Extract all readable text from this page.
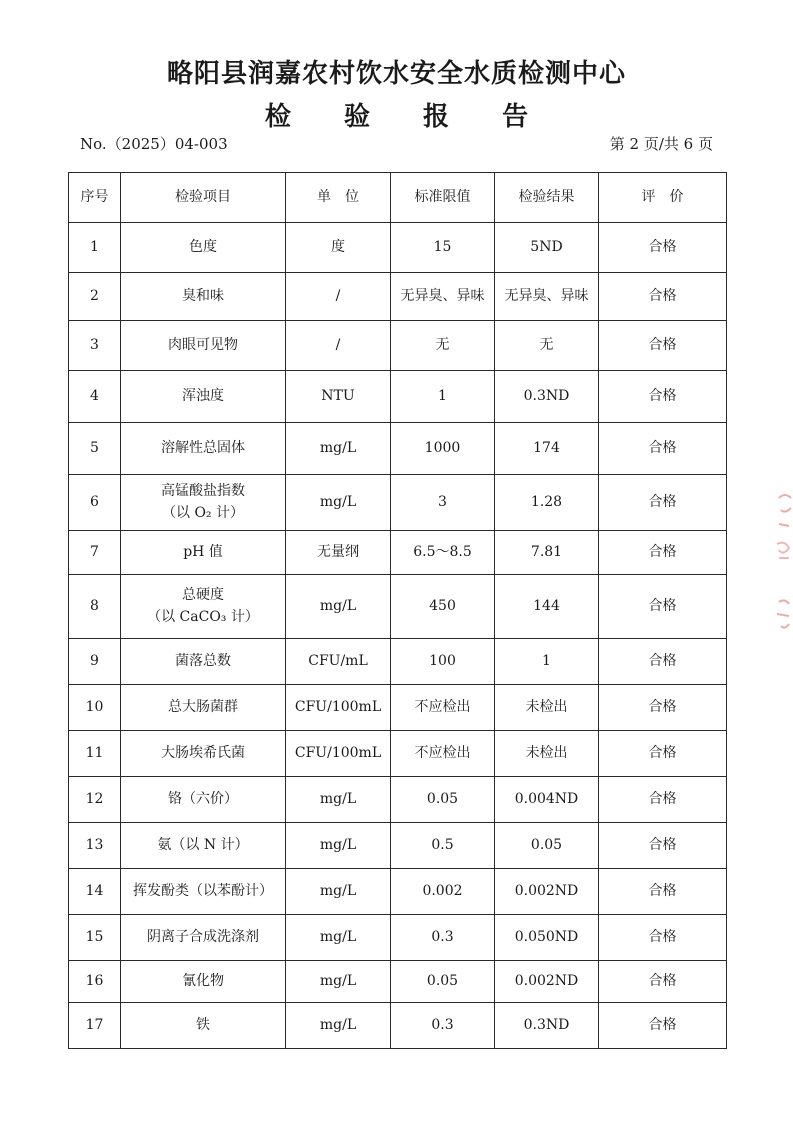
略阳县润嘉农村饮水安全水质检测中心
检 验 报 告
No.（2025）04-003	第 2 页/共 6 页
序号	检验项目	单　位	标准限值	检验结果	评　价
1	色度	度	15	5ND	合格
2	臭和味	/	无异臭、异味	无异臭、异味	合格
3	肉眼可见物	/	无	无	合格
4	浑浊度	NTU	1	0.3ND	合格
5	溶解性总固体	mg/L	1000	174	合格
6	高锰酸盐指数
（以 O₂ 计）	mg/L	3	1.28	合格
7	pH 值	无量纲	6.5～8.5	7.81	合格
8	总硬度
（以 CaCO₃ 计）	mg/L	450	144	合格
9	菌落总数	CFU/mL	100	1	合格
10	总大肠菌群	CFU/100mL	不应检出	未检出	合格
11	大肠埃希氏菌	CFU/100mL	不应检出	未检出	合格
12	铬（六价）	mg/L	0.05	0.004ND	合格
13	氨（以 N 计）	mg/L	0.5	0.05	合格
14	挥发酚类（以苯酚计）	mg/L	0.002	0.002ND	合格
15	阴离子合成洗涤剂	mg/L	0.3	0.050ND	合格
16	氰化物	mg/L	0.05	0.002ND	合格
17	铁	mg/L	0.3	0.3ND	合格
